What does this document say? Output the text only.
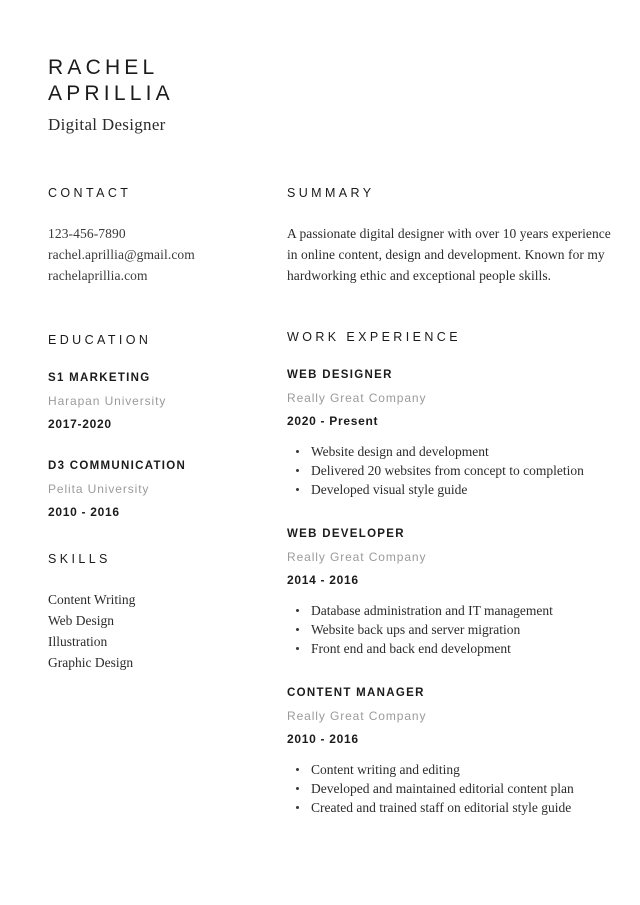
RACHEL
APRILLIA
Digital Designer
CONTACT
123-456-7890
rachel.aprillia@gmail.com
rachelaprillia.com
EDUCATION
S1 MARKETING
Harapan University
2017-2020
D3 COMMUNICATION
Pelita University
2010 - 2016
SKILLS
Content Writing
Web Design
Illustration
Graphic Design
SUMMARY
A passionate digital designer with over 10 years experience in online content, design and development. Known for my hardworking ethic and exceptional people skills.
WORK EXPERIENCE
WEB DESIGNER
Really Great Company
2020 - Present
Website design and development
Delivered 20 websites from concept to completion
Developed visual style guide
WEB DEVELOPER
Really Great Company
2014 - 2016
Database administration and IT management
Website back ups and server migration
Front end and back end development
CONTENT MANAGER
Really Great Company
2010 - 2016
Content writing and editing
Developed and maintained editorial content plan
Created and trained staff on editorial style guide
